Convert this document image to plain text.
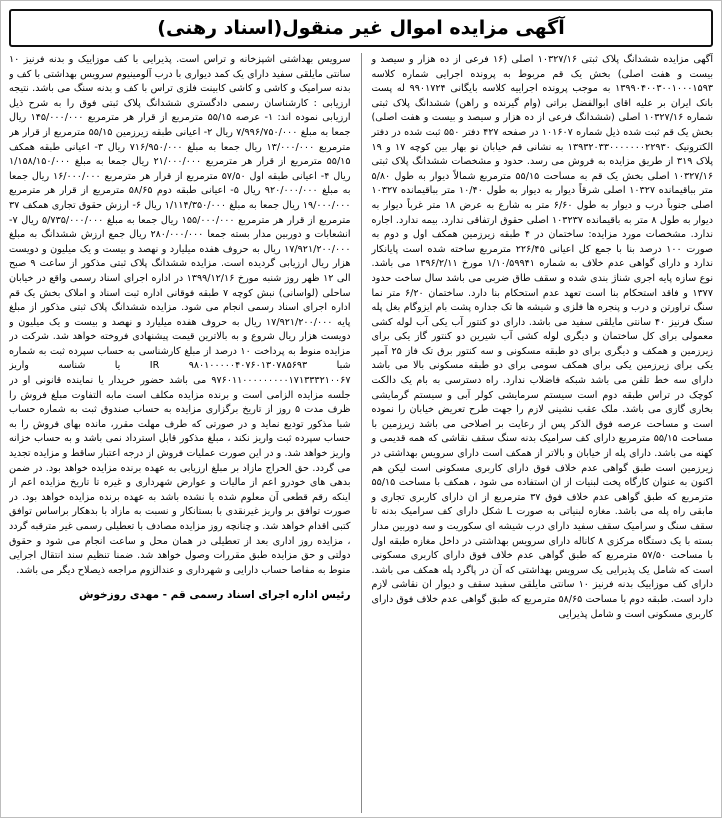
آگهی مزایده اموال غیر منقول(اسناد رهنی)

آگهی مزایده ششدانگ پلاک ثبتی ۱۰۳۲۷/۱۶ اصلی (۱۶ فرعی از ده هزار و سیصد و بیست و هفت اصلی) بخش یک قم مربوط به پرونده اجرایی شماره کلاسه ۱۳۹۹۰۴۰۰۳۰۰۱۰۰۰۱۵۹۳ به موجب پرونده اجراییه کلاسه بایگانی ۹۹۰۱۷۲۴ له پست بانک ایران بر علیه اقای ابوالفضل براتی (وام گیرنده و راهن) ششدانگ پلاک ثبتی شماره ۱۰۳۲۷/۱۶ اصلی (ششدانگ فرعی از ده هزار و سیصد و بیست و هفت اصلی) بخش یک قم ثبت شده ذیل شماره ۱۰۱۶۰۷ در صفحه ۴۲۷ دفتر ۵۵۰ ثبت شده در دفتر الکترونیک ۱۳۹۳۲۰۳۳۰۰۰۰۰۰۰۲۲۹۳۰ به نشانی قم خیابان نو بهار بین کوچه ۱۷ و ۱۹ پلاک ۳۱۹ از طریق مزایده به فروش می رسد. حدود و مشخصات ششدانگ پلاک ثبتی ۱۰۳۲۷/۱۶ اصلی بخش یک قم به مساحت ۵۵/۱۵ مترمربع شمالاً دیوار به طول ۵/۸۰ متر بباقیمانده ۱۰۳۲۷ اصلی شرقاً دیوار به دیوار به طول ۱۰/۴۰ متر بباقیمانده ۱۰۳۲۷ اصلی جنوباً درب و دیوار به طول ۶/۶۰ متر به شارع به عرض ۱۸ متر غرباً دیوار به دیوار به طول ۸ متر به باقیمانده ۱۰۳۲۳۷ اصلی حقوق ارتفاقی ندارد. بیمه ندارد. اجاره ندارد. مشخصات مورد مزایده: ساختمان در ۴ طبقه زیرزمین همکف اول و دوم به صورت ۱۰۰ درصد بنا با جمع کل اعیانی ۲۲۶/۴۵ مترمربع ساخته شده است پایانکار ندارد و دارای گواهی عدم خلاف به شماره ۱/۱۰/۵۹۹۴۱ مورخ ۱۳۹۶/۲/۱۱ می باشد. نوع سازه پایه اجری شناژ بندی شده و سقف طاق ضربی می باشد سال ساخت حدود ۱۳۷۷ و فاقد استحکام بنا است تعهد عدم استحکام بنا دارد. ساختمان ۶/۲۰ متر نما سنگ تراورتن و درب و پنجره ها فلزی و شیشه ها تک جداره پشت بام ایزوگام بغل پله سنگ فرنیز ۴۰ سانتی مایلقی سفید می باشد. دارای دو کنتور آب یکی آب لوله کشی معمولی برای کل ساختمان و دیگری لوله کشی آب شیرین دو کنتور گاز یکی برای زیرزمین و همکف و دیگری برای دو طبقه مسکونی و سه کنتور برق تک فاز ۲۵ آمپر یکی برای زیرزمین یکی برای همکف سومی برای دو طبقه مسکونی بالا می باشد دارای سه خط تلفن می باشد شبکه فاضلاب ندارد. راه دسترسی به بام یک دالکت کوچک در تراس طبقه دوم است سیستم سرمایشی کولر آبی و سیستم گرمایشی بخاری گازی می باشد. ملک عقب نشینی لازم را جهت طرح تعریض خیابان را نموده است و مساحت عرصه فوق الذکر پس از رعایت بر اصلاحی می باشد زیرزمین با مساحت ۵۵/۱۵ مترمربع دارای کف سرامیک بدنه سنگ سقف نقاشی که همه قدیمی و کهنه می باشد. دارای پله از خیابان و بالاتر از همکف است دارای سرویس بهداشتی در زیرزمین است طبق گواهی عدم خلاف فوق دارای کاربری مسکونی است لیکن هم اکنون به عنوان کارگاه پخت لبنیات از ان استفاده می شود ، همکف با مساحت ۵۵/۱۵ مترمربع که طبق گواهی عدم خلاف فوق ۳۷ مترمربع از ان دارای کاربری تجاری و مابقی راه پله می باشد. مغازه لبنیاتی به صورت L شکل دارای کف سرامیک بدنه تا سقف سنگ و سرامیک سقف سفید دارای درب شیشه ای سکوریت و سه دوربین مدار بسته با یک دستگاه مرکزی ۸ کاناله دارای سرویس بهداشتی در داخل مغازه طبقه اول با مساحت ۵۷/۵۰ مترمربع که طبق گواهی عدم خلاف فوق دارای کاربری مسکونی است که شامل یک پذیرایی یک سرویس بهداشتی که آن در پاگرد پله همکف می باشد. دارای کف موزاییک بدنه فرنیز ۱۰ سانتی مایلقی سفید سقف و دیوار ان نقاشی لازم دارد است. طبقه دوم با مساحت ۵۸/۶۵ مترمربع که طبق گواهی عدم خلاف فوق دارای کاربری مسکونی است و شامل پذیرایی

سرویس بهداشتی اشپزخانه و تراس است. پذیرایی با کف موزاییک و بدنه فرنیز ۱۰ سانتی مایلقی سفید دارای یک کمد دیواری با درب آلومینیوم سرویس بهداشتی با کف و بدنه سرامیک و کاشی و کاشی کابینت فلزی تراس با کف و بدنه سنگ می باشد. نتیجه ارزیابی : کارشناسان رسمی دادگستری ششدانگ پلاک ثبتی فوق را به شرح ذیل ارزیابی نموده اند: ۱- عرصه ۵۵/۱۵ مترمربع از قرار هر مترمربع ۱۴۵/۰۰۰/۰۰۰ ریال جمعا به مبلغ ۷/۹۹۶/۷۵۰/۰۰۰ ریال ۲- اعیانی طبقه زیرزمین ۵۵/۱۵ مترمربع از قرار هر مترمربع ۱۳/۰۰۰/۰۰۰ ریال جمعا به مبلغ ۷۱۶/۹۵۰/۰۰۰ ریال ۳- اعیانی طبقه همکف ۵۵/۱۵ مترمربع از قرار هر مترمربع ۲۱/۰۰۰/۰۰۰ ریال جمعا به مبلغ ۱/۱۵۸/۱۵۰/۰۰۰ ریال ۴- اعیانی طبقه اول ۵۷/۵۰ مترمربع از قرار هر مترمربع ۱۶/۰۰۰/۰۰۰ ریال جمعا به مبلغ ۹۲۰/۰۰۰/۰۰۰ ریال ۵- اعیانی طبقه دوم ۵۸/۶۵ مترمربع از قرار هر مترمربع ۱۹/۰۰۰/۰۰۰ ریال جمعا به مبلغ ۱/۱۱۴/۳۵۰/۰۰۰ ریال ۶- ارزش حقوق تجاری همکف ۳۷ مترمربع از قرار هر مترمربع ۱۵۵/۰۰۰/۰۰۰ ریال جمعا به مبلغ ۵/۷۳۵/۰۰۰/۰۰۰ ریال ۷- انشعابات و دوربین مدار بسته جمعا ۲۸۰/۰۰۰/۰۰۰ ریال جمع ارزش ششدانگ به مبلغ ۱۷/۹۲۱/۲۰۰/۰۰۰ ریال به حروف هفده میلیارد و نهصد و بیست و یک میلیون و دویست هزار ریال ارزیابی گردیده است. مزایده ششدانگ پلاک ثبتی مذکور از ساعت ۹ صبح الی ۱۲ ظهر روز شنبه مورخ ۱۳۹۹/۱۲/۱۶ در اداره اجرای اسناد رسمی واقع در خیابان ساحلی (لواسانی) نبش کوچه ۷ طبقه فوقانی اداره ثبت اسناد و املاک بخش یک قم اداره اجرای اسناد رسمی انجام می شود. مزایده ششدانگ پلاک ثبتی مذکور از مبلغ پایه ۱۷/۹۲۱/۲۰۰/۰۰۰ ریال به حروف هفده میلیارد و نهصد و بیست و یک میلیون و دویست هزار ریال شروع و به بالاترین قیمت پیشنهادی فروخته خواهد شد. شرکت در مزایده منوط به پرداخت ۱۰ درصد از مبلغ کارشناسی به حساب سپرده ثبت به شماره شبا IR ۹۸۰۱۰۰۰۰۰۴۰۷۶۰۱۳۰۷۸۵۶۹۳ یا شناسه واریز ۹۷۶۰۱۱۰۰۰۰۰۰۰۰۰۱۷۱۳۳۳۲۱۰۰۶۷ می باشد حضور خریدار یا نماینده قانونی او در جلسه مزایده الزامی است و برنده مزایده مکلف است مابه التفاوت مبلغ فروش را ظرف مدت ۵ روز از تاریخ برگزاری مزایده به حساب صندوق ثبت به شماره حساب شبا مذکور تودیع نماید و در صورتی که طرف مهلت مقرر، مانده بهای فروش را به حساب سپرده ثبت واریز نکند ، مبلغ مذکور قابل استرداد نمی باشد و به حساب خزانه واریز خواهد شد. و در این صورت عملیات فروش از درجه اعتبار ساقط و مزایده تجدید می گردد. حق الحراج مازاد بر مبلغ ارزیابی به عهده برنده مزایده خواهد بود. در ضمن بدهی های خودرو اعم از مالیات و عوارض شهرداری و غیره تا تاریخ مزایده اعم از اینکه رقم قطعی آن معلوم شده یا نشده باشد به عهده برنده مزایده خواهد بود. در صورت توافق بر واریز غیرنقدی با بستانکار و نسبت به مازاد با بدهکار براساس توافق کتبی اقدام خواهد شد. و چنانچه روز مزایده مصادف با تعطیلی رسمی غیر مترقبه گردد ، مزایده روز اداری بعد از تعطیلی در همان محل و ساعت انجام می شود و حقوق دولتی و حق مزایده طبق مقررات وصول خواهد شد. ضمنا تنظیم سند انتقال اجرایی منوط به مفاصا حساب دارایی و شهرداری و عندالزوم مراجعه ذیصلاح دیگر می باشد.

رئیس اداره اجرای اسناد رسمی قم - مهدی روزخوش
